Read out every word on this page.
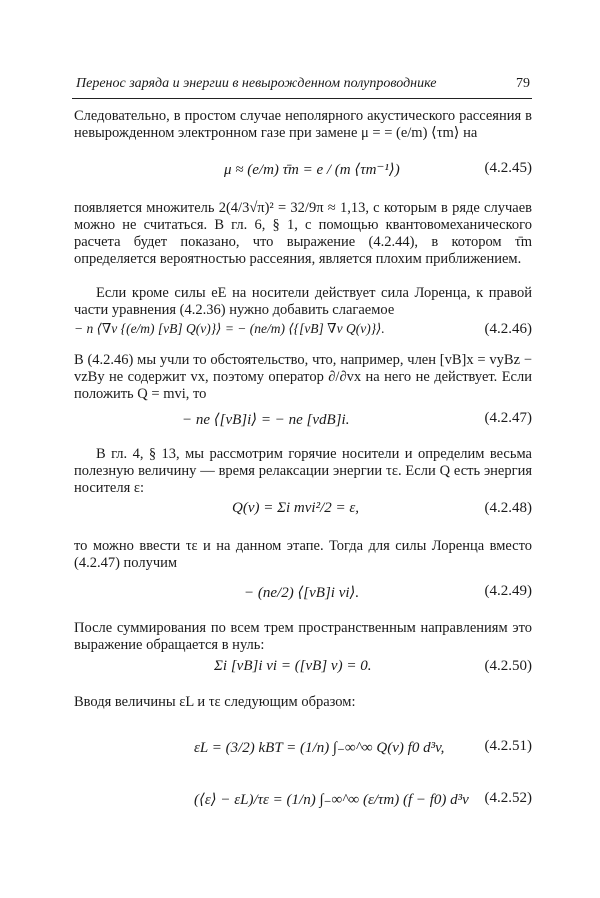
Перенос заряда и энергии в невырожденном полупроводнике	79
Следовательно, в простом случае неполярного акустического рассеяния в невырожденном электронном газе при замене μ = = (e/m) ⟨τm⟩ на
μ ≈ (e/m) τ̄m = e / (m ⟨τm⁻¹⟩)	(4.2.45)
появляется множитель 2(4/3√π)² = 32/9π ≈ 1,13, с которым в ряде случаев можно не считаться. В гл. 6, § 1, с помощью квантовомеханического расчета будет показано, что выражение (4.2.44), в котором τ̄m определяется вероятностью рассеяния, является плохим приближением.
Если кроме силы eE на носители действует сила Лоренца, к правой части уравнения (4.2.36) нужно добавить слагаемое
− n ⟨∇v {(e/m) [vB] Q(v)}⟩ = − (ne/m) ⟨{[vB] ∇v Q(v)}⟩.	(4.2.46)
В (4.2.46) мы учли то обстоятельство, что, например, член [vB]x = vyBz − vzBy не содержит vx, поэтому оператор ∂/∂vx на него не действует. Если положить Q = mvi, то
− ne ⟨[vB]i⟩ = − ne [vdB]i.	(4.2.47)
В гл. 4, § 13, мы рассмотрим горячие носители и определим весьма полезную величину — время релаксации энергии τε. Если Q есть энергия носителя ε:
Q(v) = Σi mvi²/2 = ε,	(4.2.48)
то можно ввести τε и на данном этапе. Тогда для силы Лоренца вместо (4.2.47) получим
− (ne/2) ⟨[vB]i vi⟩.	(4.2.49)
После суммирования по всем трем пространственным направлениям это выражение обращается в нуль:
Σi [vB]i vi = ([vB] v) = 0.	(4.2.50)
Вводя величины εL и τε следующим образом:
εL = (3/2) kBT = (1/n) ∫₋∞^∞ Q(v) f0 d³v,	(4.2.51)
(⟨ε⟩ − εL)/τε = (1/n) ∫₋∞^∞ (ε/τm) (f − f0) d³v (4.2.52)
